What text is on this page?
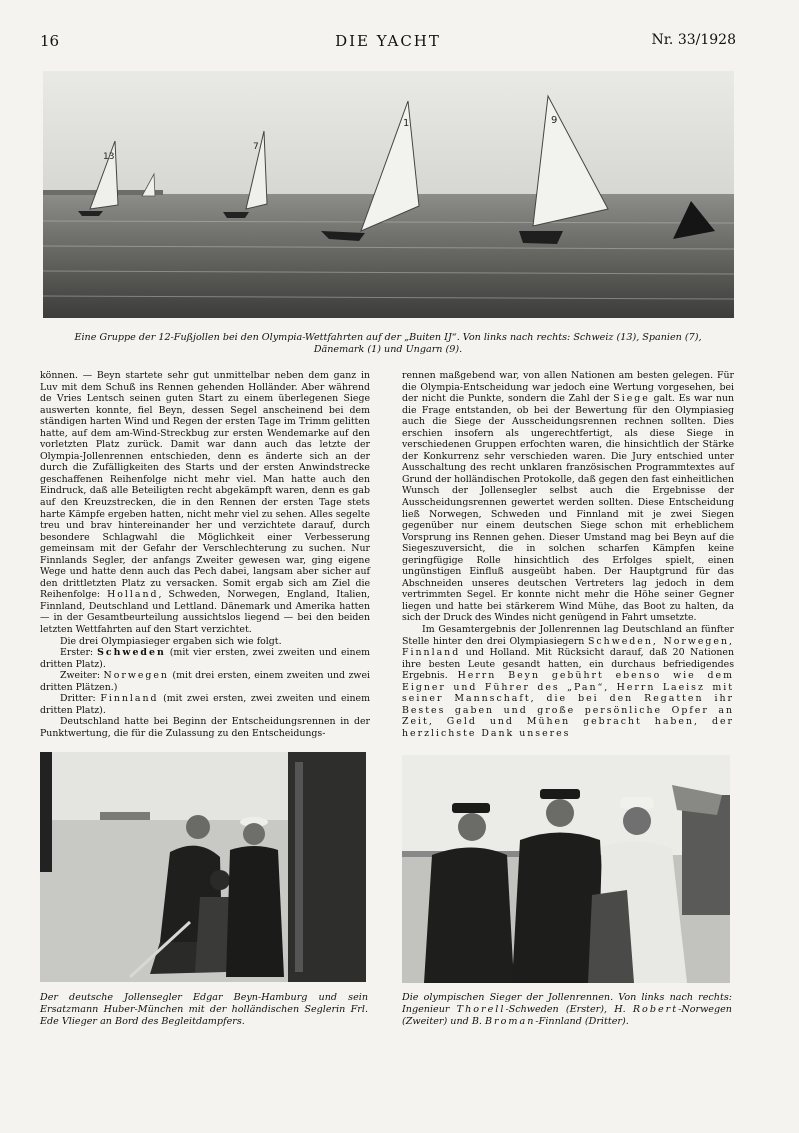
16	DIE YACHT	Nr. 33/1928
13
7
1	9
Eine Gruppe der 12-Fußjollen bei den Olympia-Wettfahrten auf der „Buiten IJ“. Von links nach rechts: Schweiz (13), Spanien (7), Dänemark (1) und Ungarn (9).

können. — Beyn startete sehr gut unmittelbar neben dem ganz in Luv mit dem Schuß ins Rennen gehenden Holländer. Aber während de Vries Lentsch seinen guten Start zu einem überlegenen Siege auswerten konnte, fiel Beyn, dessen Segel anscheinend bei dem ständigen harten Wind und Regen der ersten Tage im Trimm gelitten hatte, auf dem am-Wind-Streckbug zur ersten Wendemarke auf den vorletzten Platz zurück. Damit war dann auch das letzte der Olympia-Jollenrennen entschieden, denn es änderte sich an der durch die Zufälligkeiten des Starts und der ersten Anwindstrecke geschaffenen Reihenfolge nicht mehr viel. Man hatte auch den Eindruck, daß alle Beteiligten recht abgekämpft waren, denn es gab auf den Kreuzstrecken, die in den Rennen der ersten Tage stets harte Kämpfe ergeben hatten, nicht mehr viel zu sehen. Alles segelte treu und brav hintereinander her und verzichtete darauf, durch besondere Schlagwahl die Möglichkeit einer Verbesserung gemeinsam mit der Gefahr der Verschlechterung zu suchen. Nur Finnlands Segler, der anfangs Zweiter gewesen war, ging eigene Wege und hatte denn auch das Pech dabei, langsam aber sicher auf den drittletzten Platz zu versacken. Somit ergab sich am Ziel die Reihenfolge: Holland, Schweden, Norwegen, England, Italien, Finnland, Deutschland und Lettland. Dänemark und Amerika hatten — in der Gesamtbeurteilung aussichtslos liegend — bei den beiden letzten Wettfahrten auf den Start verzichtet.

Die drei Olympiasieger ergaben sich wie folgt.

Erster: Schweden (mit vier ersten, zwei zweiten und einem dritten Platz).

Zweiter: Norwegen (mit drei ersten, einem zweiten und zwei dritten Plätzen.)

Dritter: Finnland (mit zwei ersten, zwei zweiten und einem dritten Platz).

Deutschland hatte bei Beginn der Entscheidungsrennen in der Punktwertung, die für die Zulassung zu den Entscheidungs-

rennen maßgebend war, von allen Nationen am besten gelegen. Für die Olympia-Entscheidung war jedoch eine Wertung vorgesehen, bei der nicht die Punkte, sondern die Zahl der Siege galt. Es war nun die Frage entstanden, ob bei der Bewertung für den Olympiasieg auch die Siege der Ausscheidungsrennen rechnen sollten. Dies erschien insofern als ungerechtfertigt, als diese Siege in verschiedenen Gruppen erfochten waren, die hinsichtlich der Stärke der Konkurrenz sehr verschieden waren. Die Jury entschied unter Ausschaltung des recht unklaren französischen Programmtextes auf Grund der holländischen Protokolle, daß gegen den fast einheitlichen Wunsch der Jollensegler selbst auch die Ergebnisse der Ausscheidungsrennen gewertet werden sollten. Diese Entscheidung ließ Norwegen, Schweden und Finnland mit je zwei Siegen gegenüber nur einem deutschen Siege schon mit erheblichem Vorsprung ins Rennen gehen. Dieser Umstand mag bei Beyn auf die Siegeszuversicht, die in solchen scharfen Kämpfen keine geringfügige Rolle hinsichtlich des Erfolges spielt, einen ungünstigen Einfluß ausgeübt haben. Der Hauptgrund für das Abschneiden unseres deutschen Vertreters lag jedoch in dem vertrimmten Segel. Er konnte nicht mehr die Höhe seiner Gegner liegen und hatte bei stärkerem Wind Mühe, das Boot zu halten, da sich der Druck des Windes nicht genügend in Fahrt umsetzte.

Im Gesamtergebnis der Jollenrennen lag Deutschland an fünfter Stelle hinter den drei Olympiasiegern Schweden, Norwegen, Finnland und Holland. Mit Rücksicht darauf, daß 20 Nationen ihre besten Leute gesandt hatten, ein durchaus befriedigendes Ergebnis. Herrn Beyn gebührt ebenso wie dem Eigner und Führer des „Pan“, Herrn Laeisz mit seiner Mannschaft, die bei den Regatten ihr Bestes gaben und große persönliche Opfer an Zeit, Geld und Mühen gebracht haben, der herzlichste Dank unseres

Der deutsche Jollensegler Edgar Beyn-Hamburg und sein Ersatzmann Huber-München mit der holländischen Seglerin Frl. Ede Vlieger an Bord des Begleitdampfers.
Die olympischen Sieger der Jollenrennen. Von links nach rechts: Ingenieur Thorell-Schweden (Erster), H. Robert-Norwegen (Zweiter) und B. Broman-Finnland (Dritter).
